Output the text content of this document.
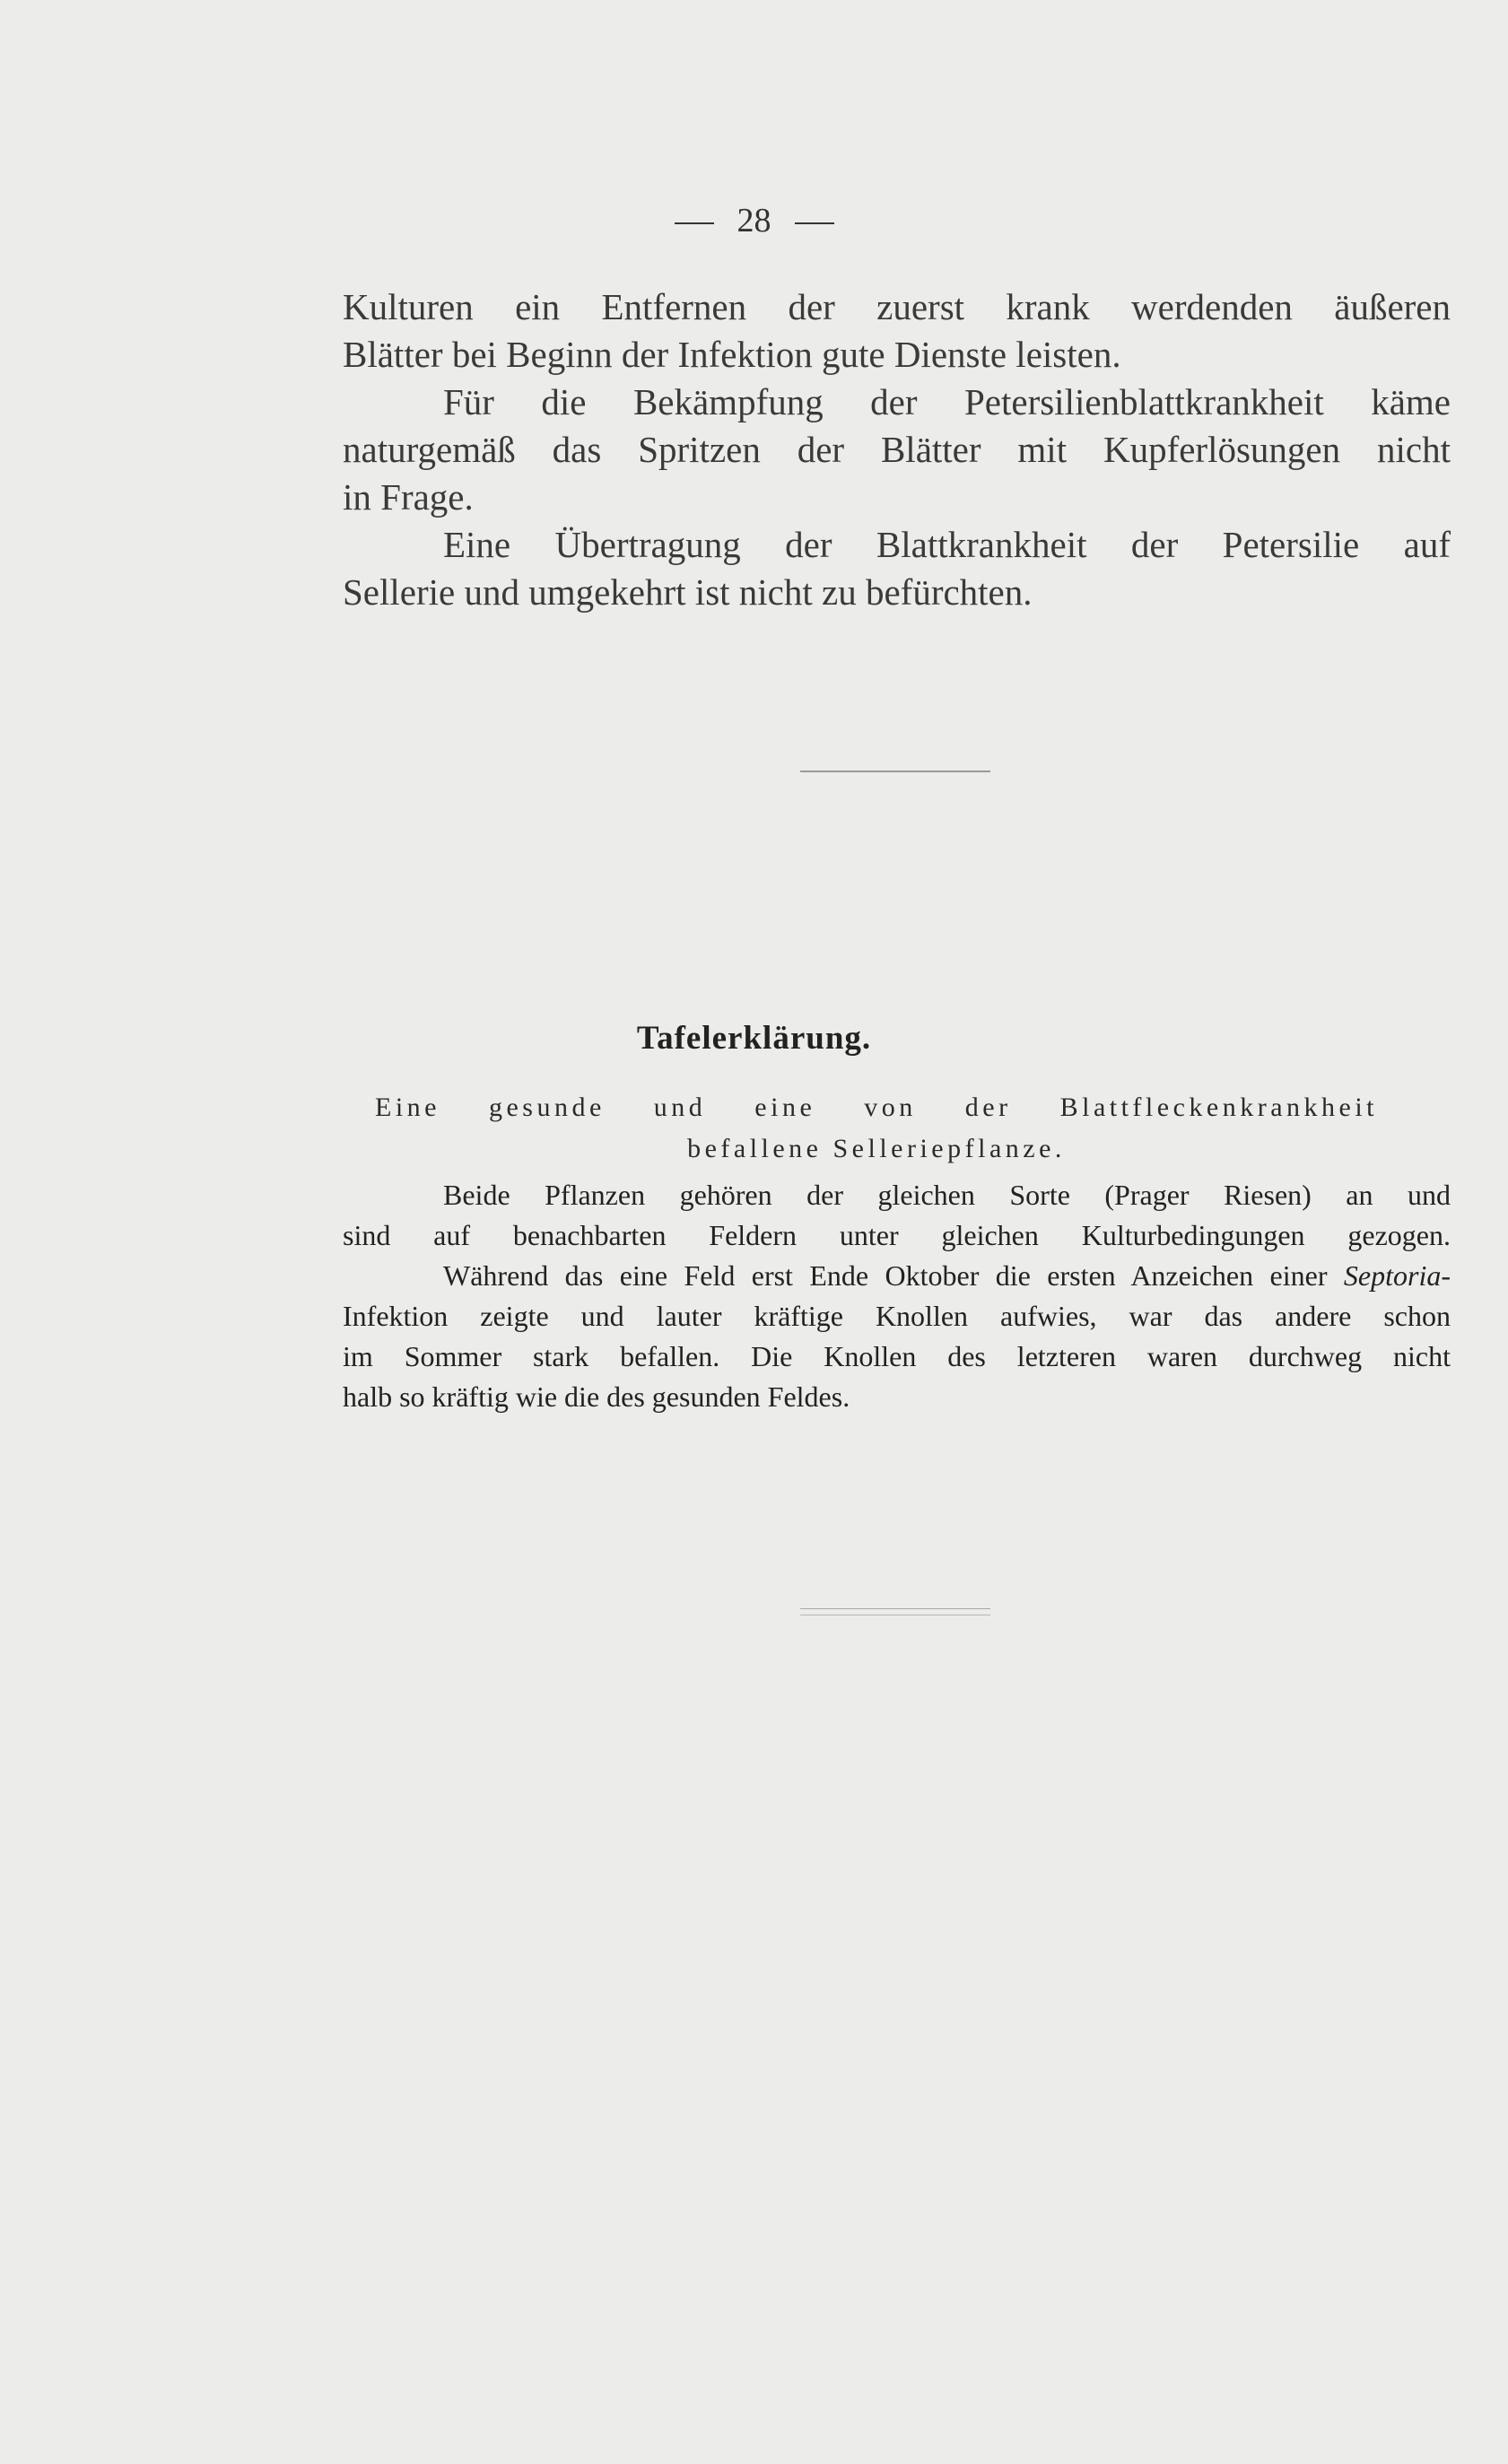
28
Kulturen ein Entfernen der zuerst krank werdenden äußeren
Blätter bei Beginn der Infektion gute Dienste leisten.
Für die Bekämpfung der Petersilienblattkrankheit käme
naturgemäß das Spritzen der Blätter mit Kupferlösungen nicht
in Frage.
Eine Übertragung der Blattkrankheit der Petersilie auf
Sellerie und umgekehrt ist nicht zu befürchten.
Tafelerklärung.
Eine gesunde und eine von der Blattfleckenkrankheit
befallene Selleriepflanze.
Beide Pflanzen gehören der gleichen Sorte (Prager Riesen) an und
sind auf benachbarten Feldern unter gleichen Kulturbedingungen gezogen.
Während das eine Feld erst Ende Oktober die ersten Anzeichen einer Septoria-
Infektion zeigte und lauter kräftige Knollen aufwies, war das andere schon
im Sommer stark befallen. Die Knollen des letzteren waren durchweg nicht
halb so kräftig wie die des gesunden Feldes.
